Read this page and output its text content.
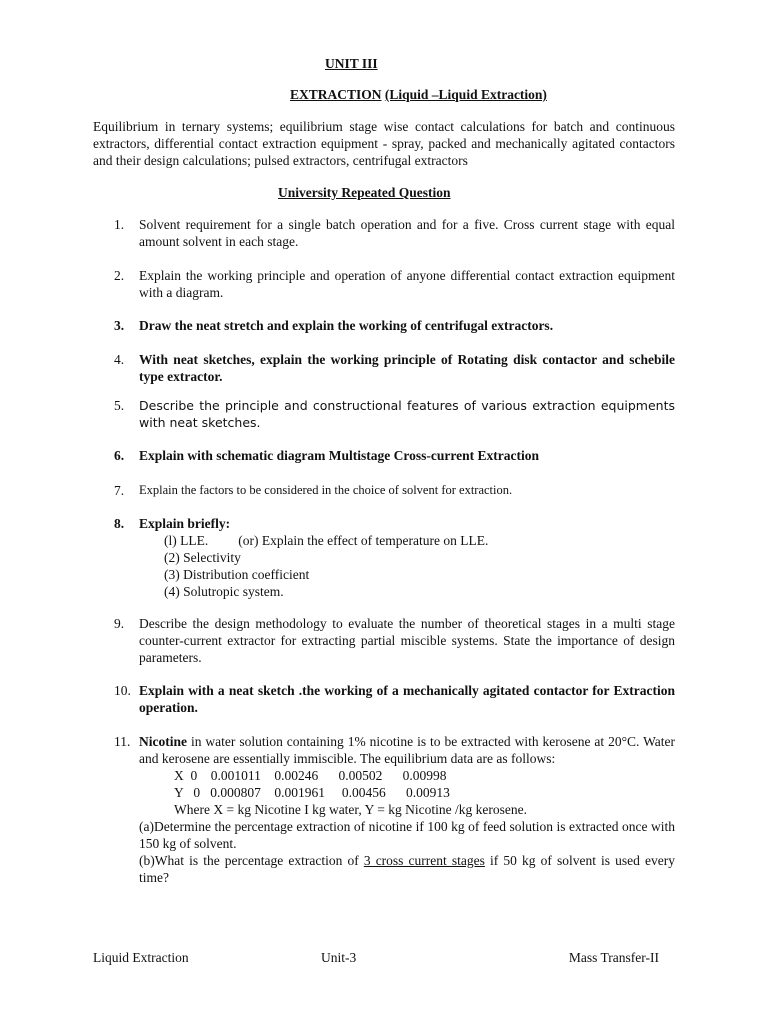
UNIT III
EXTRACTION (Liquid –Liquid Extraction)
Equilibrium in ternary systems; equilibrium stage wise contact calculations for batch and continuous extractors, differential contact extraction equipment - spray, packed and mechanically agitated contactors and their design calculations; pulsed extractors, centrifugal extractors
University Repeated Question
1. Solvent requirement for a single batch operation and for a five. Cross current stage with equal amount solvent in each stage.
2. Explain the working principle and operation of anyone differential contact extraction equipment with a diagram.
3. Draw the neat stretch and explain the working of centrifugal extractors.
4. With neat sketches, explain the working principle of Rotating disk contactor and schebile type extractor.
5. Describe the principle and constructional features of various extraction equipments with neat sketches.
6. Explain with schematic diagram Multistage Cross-current Extraction
7. Explain the factors to be considered in the choice of solvent for extraction.
8. Explain briefly:
(l) LLE. (or) Explain the effect of temperature on LLE.
(2) Selectivity
(3) Distribution coefficient
(4) Solutropic system.
9. Describe the design methodology to evaluate the number of theoretical stages in a multi stage counter-current extractor for extracting partial miscible systems. State the importance of design parameters.
10. Explain with a neat sketch .the working of a mechanically agitated contactor for Extraction operation.
11. Nicotine in water solution containing 1% nicotine is to be extracted with kerosene at 20°C. Water and kerosene are essentially immiscible. The equilibrium data are as follows:
X  0    0.001011    0.00246      0.00502      0.00998
Y   0   0.000807    0.001961     0.00456      0.00913
Where X = kg Nicotine I kg water, Y = kg Nicotine /kg kerosene.
(a)Determine the percentage extraction of nicotine if 100 kg of feed solution is extracted once with 150 kg of solvent.
(b)What is the percentage extraction of 3 cross current stages if 50 kg of solvent is used every time?
Liquid Extraction	Unit-3	Mass Transfer-II
